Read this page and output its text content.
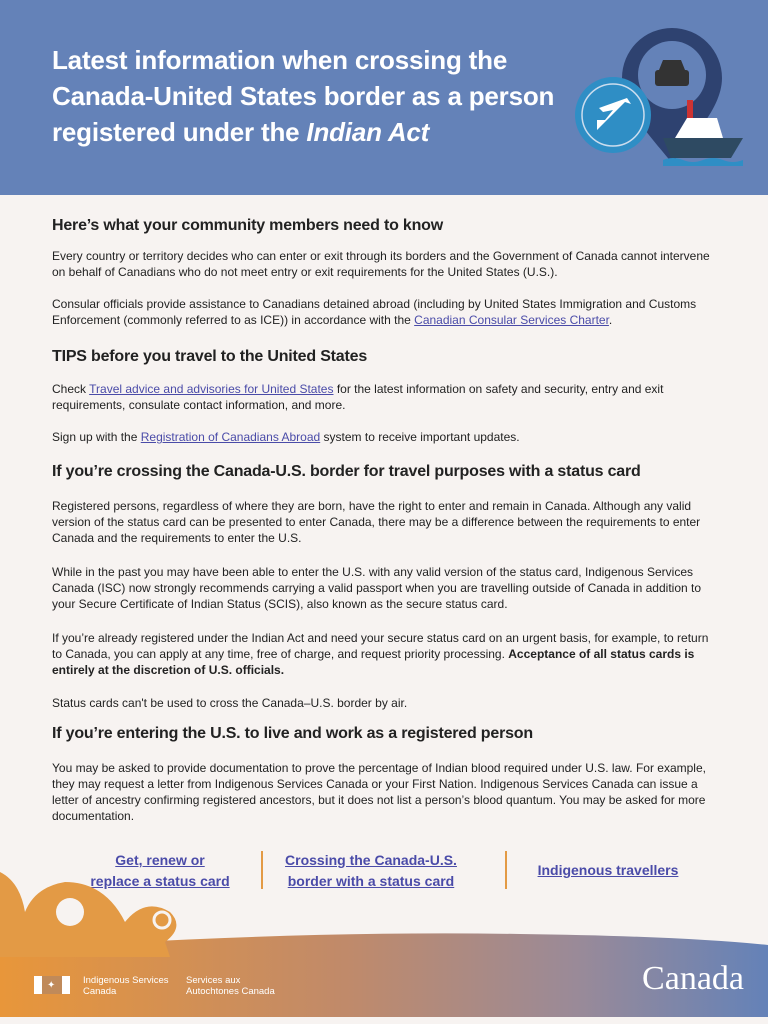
Latest information when crossing the Canada-United States border as a person registered under the Indian Act
Here’s what your community members need to know

Every country or territory decides who can enter or exit through its borders and the Government of Canada cannot intervene on behalf of Canadians who do not meet entry or exit requirements for the United States (U.S.).

Consular officials provide assistance to Canadians detained abroad (including by United States Immigration and Customs Enforcement (commonly referred to as ICE)) in accordance with the Canadian Consular Services Charter.

TIPS before you travel to the United States

Check Travel advice and advisories for United States for the latest information on safety and security, entry and exit requirements, consulate contact information, and more.

Sign up with the Registration of Canadians Abroad system to receive important updates.

If you’re crossing the Canada-U.S. border for travel purposes with a status card

Registered persons, regardless of where they are born, have the right to enter and remain in Canada. Although any valid version of the status card can be presented to enter Canada, there may be a difference between the requirements to enter Canada and the requirements to enter the U.S.

While in the past you may have been able to enter the U.S. with any valid version of the status card, Indigenous Services Canada (ISC) now strongly recommends carrying a valid passport when you are travelling outside of Canada in addition to your Secure Certificate of Indian Status (SCIS), also known as the secure status card.

If you’re already registered under the Indian Act and need your secure status card on an urgent basis, for example, to return to Canada, you can apply at any time, free of charge, and request priority processing. Acceptance of all status cards is entirely at the discretion of U.S. officials.

Status cards can't be used to cross the Canada–U.S. border by air.

If you’re entering the U.S. to live and work as a registered person

You may be asked to provide documentation to prove the percentage of Indian blood required under U.S. law. For example, they may request a letter from Indigenous Services Canada or your First Nation. Indigenous Services Canada can issue a letter of ancestry confirming registered ancestors, but it does not list a person’s blood quantum. You may be asked for more documentation.

Get, renew or
replace a status card
Crossing the Canada-U.S.
border with a status card
Indigenous travellers
✦	Indigenous Services
Canada
Services aux
Autochtones Canada	Canada
